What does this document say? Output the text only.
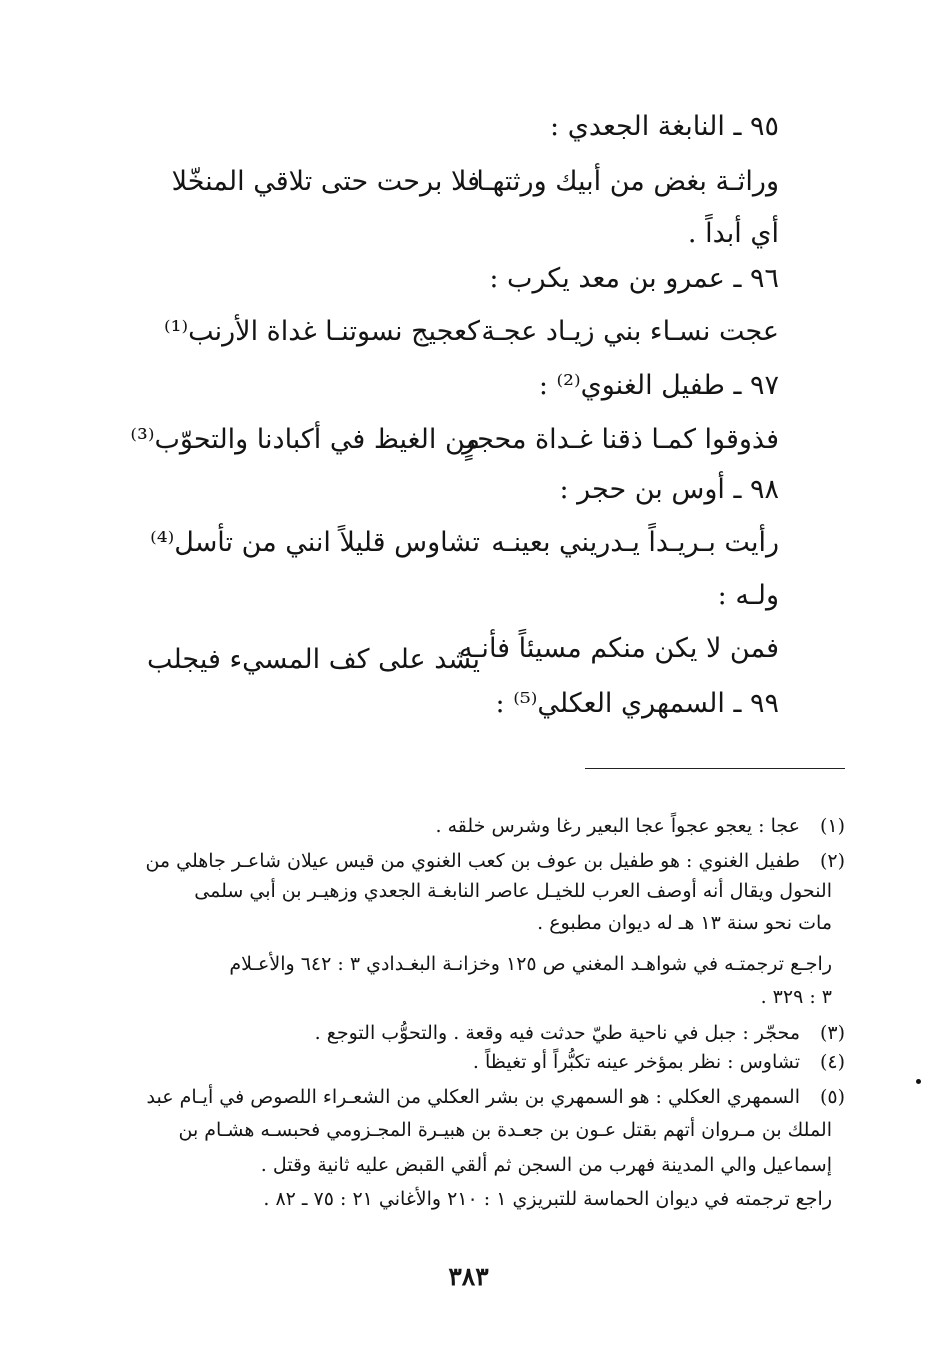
٩٥ ـ النابغة الجعدي :
وراثـة بغض من أبيك ورثتهـا
فلا برحت حتى تلاقي المنخّلا
أي أبداً .
٩٦ ـ عمرو بن معد يكرب :
عجت نسـاء بني زيـاد عجـة
كعجيج نسوتنـا غداة الأرنب⁽¹⁾
٩٧ ـ طفيل الغنوي⁽²⁾ :
فذوقوا كمـا ذقنا غـداة محجرٍ
من الغيظ في أكبادنا والتحوّب⁽³⁾
٩٨ ـ أوس بن حجر :
رأيت بـريـداً يـدريني بعينـه
تشاوس قليلاً انني من تأسل⁽⁴⁾
ولـه :
فمن لا يكن منكم مسيئاً فأنـه
يشد على كف المسيء فيجلب
٩٩ ـ السمهري العكلي⁽⁵⁾ :
(١)
عجا : يعجو عجواً عجا البعير رغا وشرس خلقه .
(٢)
طفيل الغنوي : هو طفيل بن عوف بن كعب الغنوي من قيس عيلان شاعـر جاهلي من
النحول ويقال أنه أوصف العرب للخيـل عاصر النابغـة الجعدي وزهيـر بن أبي سلمى
مات نحو سنة ١٣ هـ له ديوان مطبوع .
راجـع ترجمتـه في شواهـد المغني ص ١٢٥ وخزانـة البغـدادي ٣ : ٦٤٢ والأعـلام
٣ : ٣٢٩ .
(٣)
محجّر : جبل في ناحية طيّ حدثت فيه وقعة . والتحوُّب التوجع .
(٤)
تشاوس : نظر بمؤخر عينه تكبُّراً أو تغيظاً .
(٥)
السمهري العكلي : هو السمهري بن بشر العكلي من الشعـراء اللصوص في أيـام عبد
الملك بن مـروان أتهم بقتل عـون بن جعـدة بن هبيـرة المجـزومي فحبسـه هشـام بن
إسماعيل والي المدينة فهرب من السجن ثم ألقي القبض عليه ثانية وقتل .
راجع ترجمته في ديوان الحماسة للتبريزي ١ : ٢١٠ والأغاني ٢١ : ٧٥ ـ ٨٢ .
٣٨٣
